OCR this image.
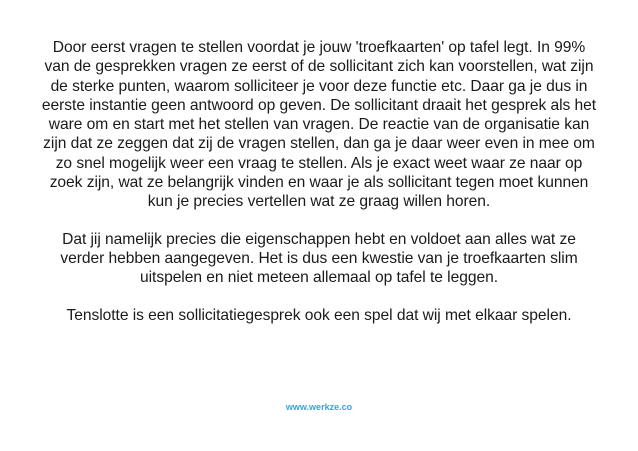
Door eerst vragen te stellen voordat je jouw 'troefkaarten' op tafel legt. In 99% van de gesprekken vragen ze eerst of de sollicitant zich kan voorstellen, wat zijn de sterke punten, waarom solliciteer je voor deze functie etc. Daar ga je dus in eerste instantie geen antwoord op geven. De sollicitant draait het gesprek als het ware om en start met het stellen van vragen. De reactie van de organisatie kan zijn dat ze zeggen dat zij de vragen stellen, dan ga je daar weer even in mee om zo snel mogelijk weer een vraag te stellen. Als je exact weet waar ze naar op zoek zijn, wat ze belangrijk vinden en waar je als sollicitant tegen moet kunnen kun je precies vertellen wat ze graag willen horen.

Dat jij namelijk precies die eigenschappen hebt en voldoet aan alles wat ze verder hebben aangegeven. Het is dus een kwestie van je troefkaarten slim uitspelen en niet meteen allemaal op tafel te leggen.

Tenslotte is een sollicitatiegesprek ook een spel dat wij met elkaar spelen.

www.werkze.co
